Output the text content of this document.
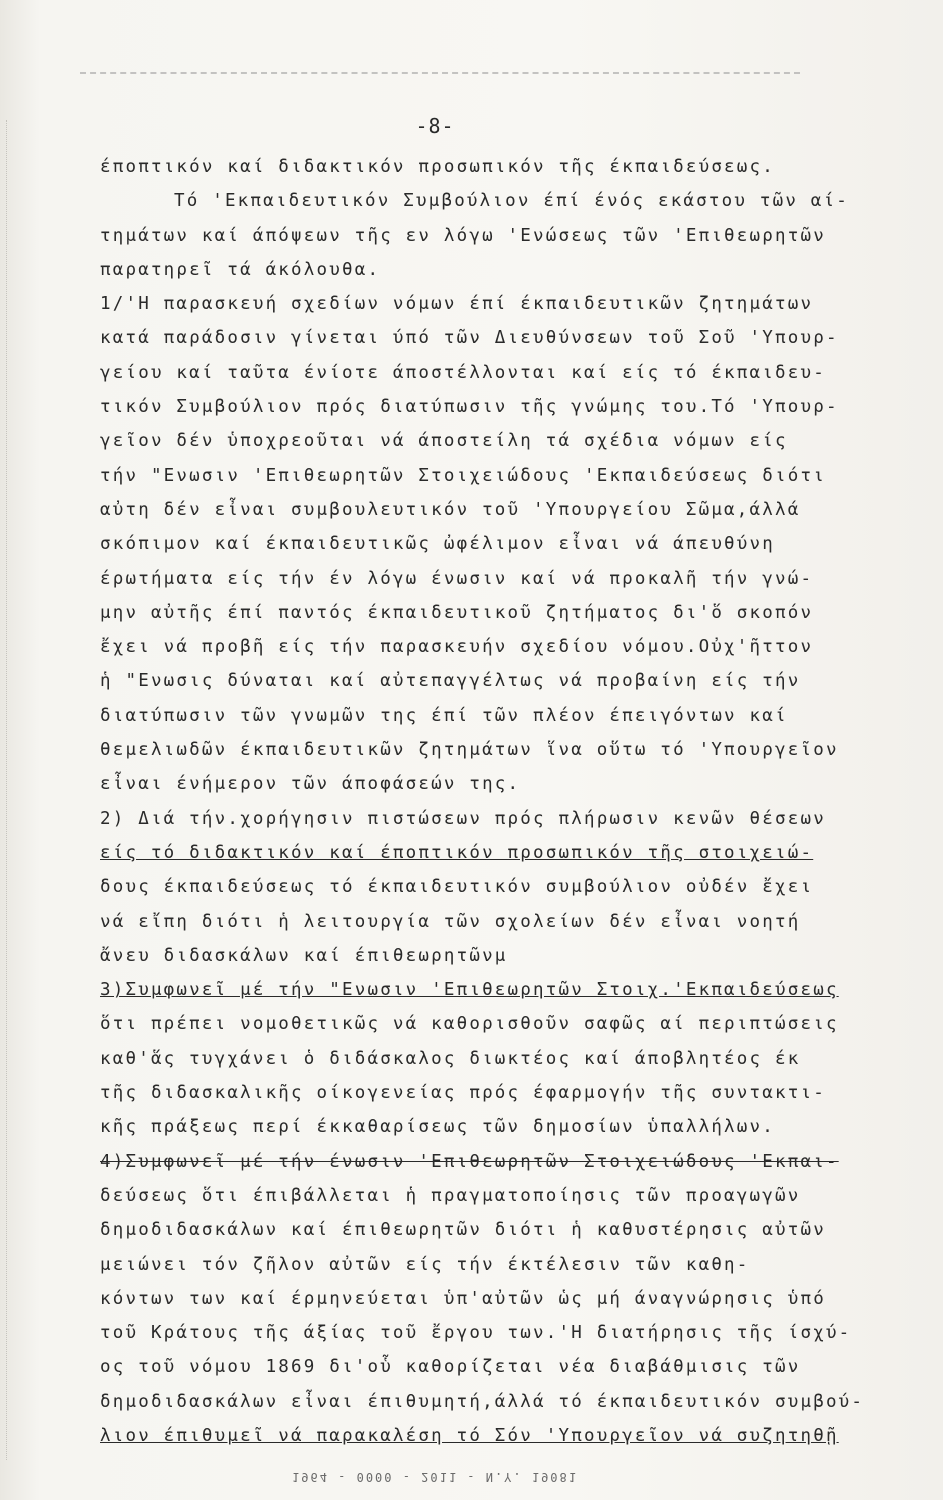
-8-
έποπτικόν καί διδακτικόν προσωπικόν τῆς έκπαιδεύσεως.
Τό 'Εκπαιδευτικόν Συμβούλιον έπί ένός εκάστου τῶν αί-
τημάτων καί άπόψεων τῆς εν λόγω 'Ενώσεως τῶν 'Επιθεωρητῶν
παρατηρεῖ τά άκόλουθα.
1/'Η παρασκευή σχεδίων νόμων έπί έκπαιδευτικῶν ζητημάτων
κατά παράδοσιν γίνεται ύπό τῶν Διευθύνσεων τοῦ Σοῦ 'Υπουρ-
γείου καί ταῦτα ένίοτε άποστέλλονται καί είς τό έκπαιδευ-
τικόν Συμβούλιον πρός διατύπωσιν τῆς γνώμης του.Τό 'Υπουρ-
γεῖον δέν ὑποχρεοῦται νά άποστείλη τά σχέδια νόμων είς
τήν "Ενωσιν 'Επιθεωρητῶν Στοιχειώδους 'Εκπαιδεύσεως διότι
αὐτη δέν εἶναι συμβουλευτικόν τοῦ 'Υπουργείου Σῶμα,άλλά
σκόπιμον καί έκπαιδευτικῶς ὠφέλιμον εἶναι νά άπευθύνη
έρωτήματα είς τήν έν λόγω ένωσιν καί νά προκαλῆ τήν γνώ-
μην αὐτῆς έπί παντός έκπαιδευτικοῦ ζητήματος δι'ὅ σκοπόν
ἔχει νά προβῆ είς τήν παρασκευήν σχεδίου νόμου.Οὐχ'ῆττον
ἡ "Ενωσις δύναται καί αὐτεπαγγέλτως νά προβαίνη είς τήν
διατύπωσιν τῶν γνωμῶν της έπί τῶν πλέον έπειγόντων καί
θεμελιωδῶν έκπαιδευτικῶν ζητημάτων ἵνα οὕτω τό 'Υπουργεῖον
εἶναι ένήμερον τῶν άποφάσεών της.
2) Διά τήν.χορήγησιν πιστώσεων πρός πλήρωσιν κενῶν θέσεων
είς τό διδακτικόν καί έποπτικόν προσωπικόν τῆς στοιχειώ-
δους έκπαιδεύσεως τό έκπαιδευτικόν συμβούλιον οὐδέν ἔχει
νά εἴπη διότι ἡ λειτουργία τῶν σχολείων δέν εἶναι νοητή
ἄνευ διδασκάλων καί έπιθεωρητῶνμ
3)Συμφωνεῖ μέ τήν "Ενωσιν 'Επιθεωρητῶν Στοιχ.'Εκπαιδεύσεως
ὅτι πρέπει νομοθετικῶς νά καθορισθοῦν σαφῶς αί περιπτώσεις
καθ'ἅς τυγχάνει ὁ διδάσκαλος διωκτέος καί άποβλητέος έκ
τῆς διδασκαλικῆς οίκογενείας πρός έφαρμογήν τῆς συντακτι-
κῆς πράξεως περί έκκαθαρίσεως τῶν δημοσίων ὑπαλλήλων.
4)Συμφωνεῖ μέ τήν ένωσιν 'Επιθεωρητῶν Στοιχειώδους 'Εκπαι-
δεύσεως ὅτι έπιβάλλεται ἡ πραγματοποίησις τῶν προαγωγῶν
δημοδιδασκάλων καί έπιθεωρητῶν διότι ἡ καθυστέρησις αὐτῶν
μειώνει τόν ζῆλον αὐτῶν είς τήν έκτέλεσιν τῶν καθη-
κόντων των καί έρμηνεύεται ὑπ'αὐτῶν ὡς μή άναγνώρησις ὑπό
τοῦ Κράτους τῆς άξίας τοῦ ἔργου των.'Η διατήρησις τῆς ίσχύ-
ος τοῦ νόμου 1869 δι'οὗ καθορίζεται νέα διαβάθμισις τῶν
δημοδιδασκάλων εἶναι έπιθυμητή,άλλά τό έκπαιδευτικόν συμβού-
λιον έπιθυμεῖ νά παρακαλέση τό Σόν 'Υπουργεῖον νά συζητηθῇ
1964 - 0000 - 2011 - N.Y. 19081
